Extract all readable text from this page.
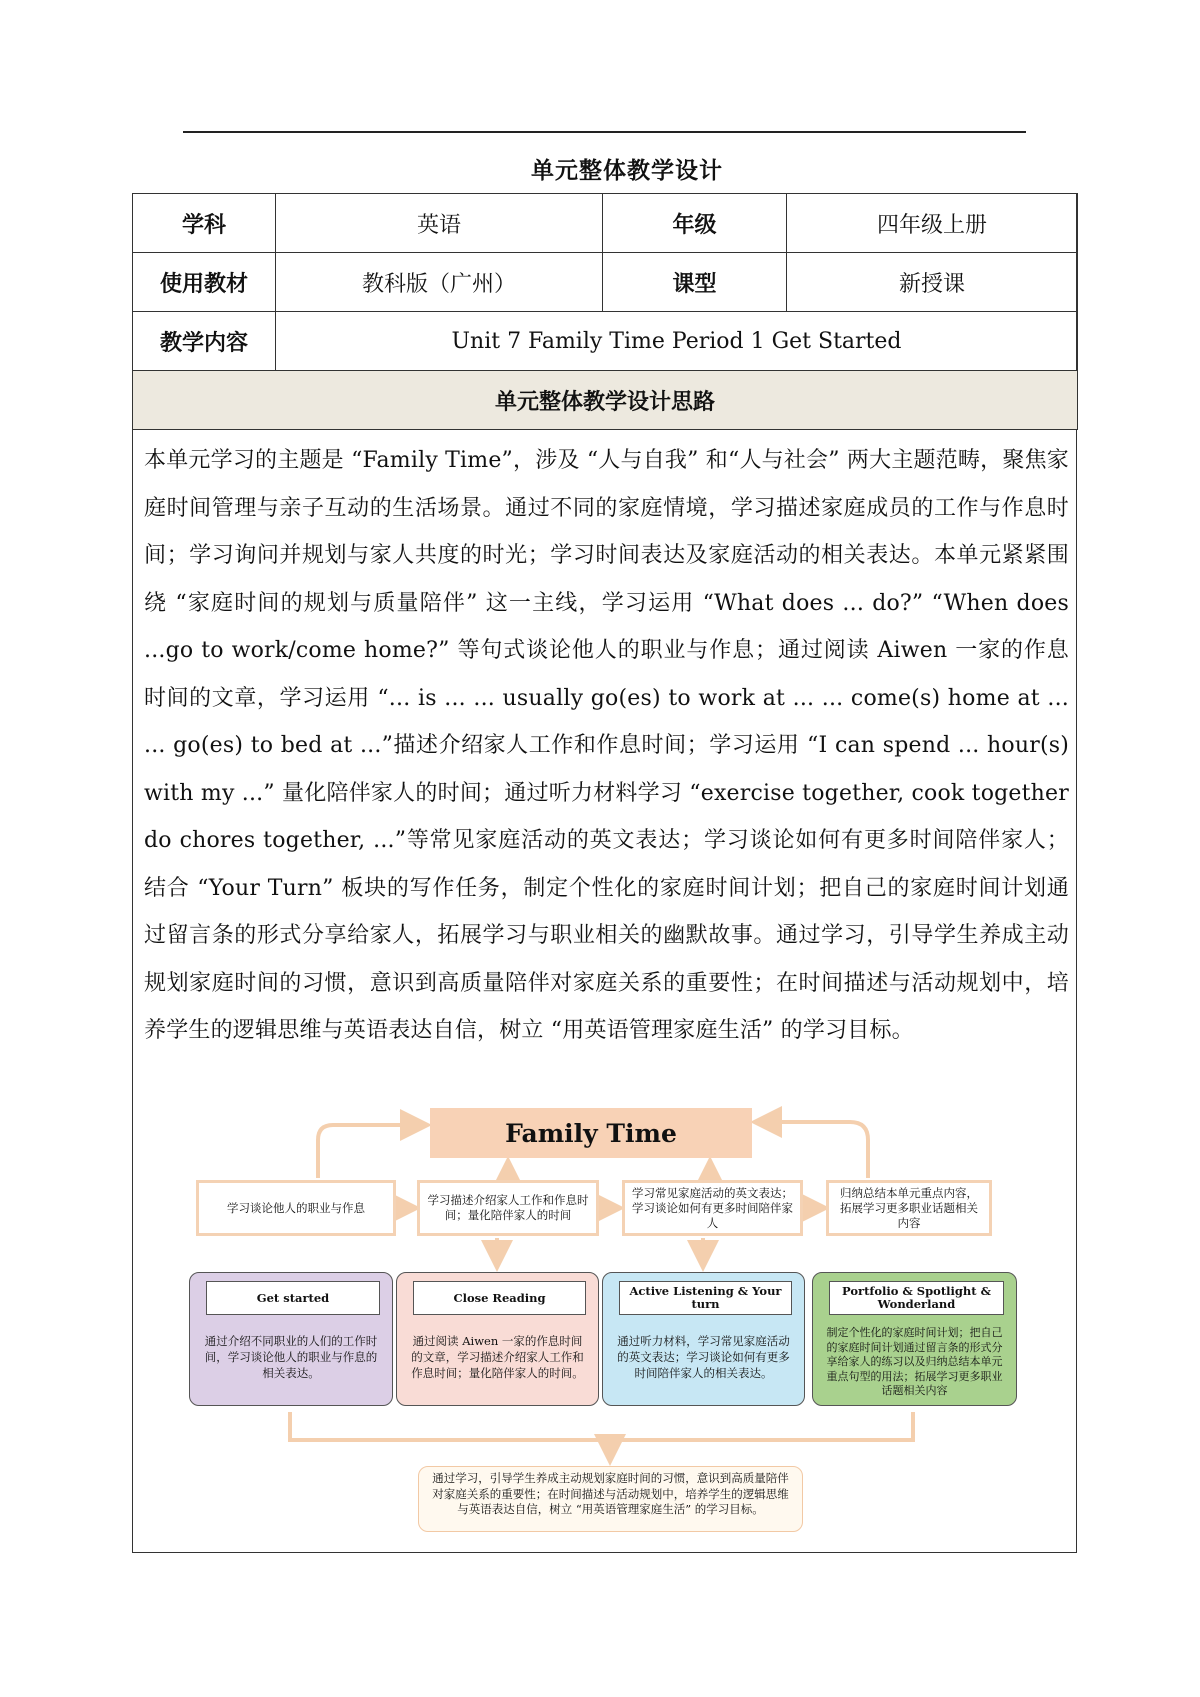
单元整体教学设计
学科	英语	年级	四年级上册
使用教材	教科版（广州）	课型	新授课
教学内容	Unit 7 Family Time Period 1 Get Started		
单元整体教学设计思路			
本单元学习的主题是 “Family Time”，涉及 “人与自我” 和“人与社会” 两大主题范畴，聚焦家庭时间管理与亲子互动的生活场景。通过不同的家庭情境，学习描述家庭成员的工作与作息时间；学习询问并规划与家人共度的时光；学习时间表达及家庭活动的相关表达。本单元紧紧围绕 “家庭时间的规划与质量陪伴” 这一主线，学习运用 “What does ... do?” “When does ...go to work/come home?” 等句式谈论他人的职业与作息；通过阅读 Aiwen 一家的作息时间的文章，学习运用 “... is ... ... usually go(es) to work at ... ... come(s) home at ... ... go(es) to bed at ...”描述介绍家人工作和作息时间；学习运用 “I can spend ... hour(s) with my ...” 量化陪伴家人的时间；通过听力材料学习 “exercise together, cook together do chores together, ...”等常见家庭活动的英文表达；学习谈论如何有更多时间陪伴家人；结合 “Your Turn” 板块的写作任务，制定个性化的家庭时间计划；把自己的家庭时间计划通过留言条的形式分享给家人，拓展学习与职业相关的幽默故事。通过学习，引导学生养成主动规划家庭时间的习惯，意识到高质量陪伴对家庭关系的重要性；在时间描述与活动规划中，培养学生的逻辑思维与英语表达自信，树立 “用英语管理家庭生活” 的学习目标。
Family Time
学习谈论他人的职业与作息
学习描述介绍家人工作和作息时间；量化陪伴家人的时间
学习常见家庭活动的英文表达；学习谈论如何有更多时间陪伴家人
归纳总结本单元重点内容，拓展学习更多职业话题相关内容
Get started
通过介绍不同职业的人们的工作时间，学习谈论他人的职业与作息的相关表达。
Close Reading
通过阅读 Aiwen 一家的作息时间的文章，学习描述介绍家人工作和作息时间；量化陪伴家人的时间。
Active Listening & Your turn
通过听力材料，学习常见家庭活动的英文表达；学习谈论如何有更多时间陪伴家人的相关表达。
Portfolio & Spotlight & Wonderland
制定个性化的家庭时间计划；把自己的家庭时间计划通过留言条的形式分享给家人的练习以及归纳总结本单元重点句型的用法；拓展学习更多职业话题相关内容
通过学习，引导学生养成主动规划家庭时间的习惯，意识到高质量陪伴对家庭关系的重要性；在时间描述与活动规划中，培养学生的逻辑思维与英语表达自信，树立 “用英语管理家庭生活” 的学习目标。
